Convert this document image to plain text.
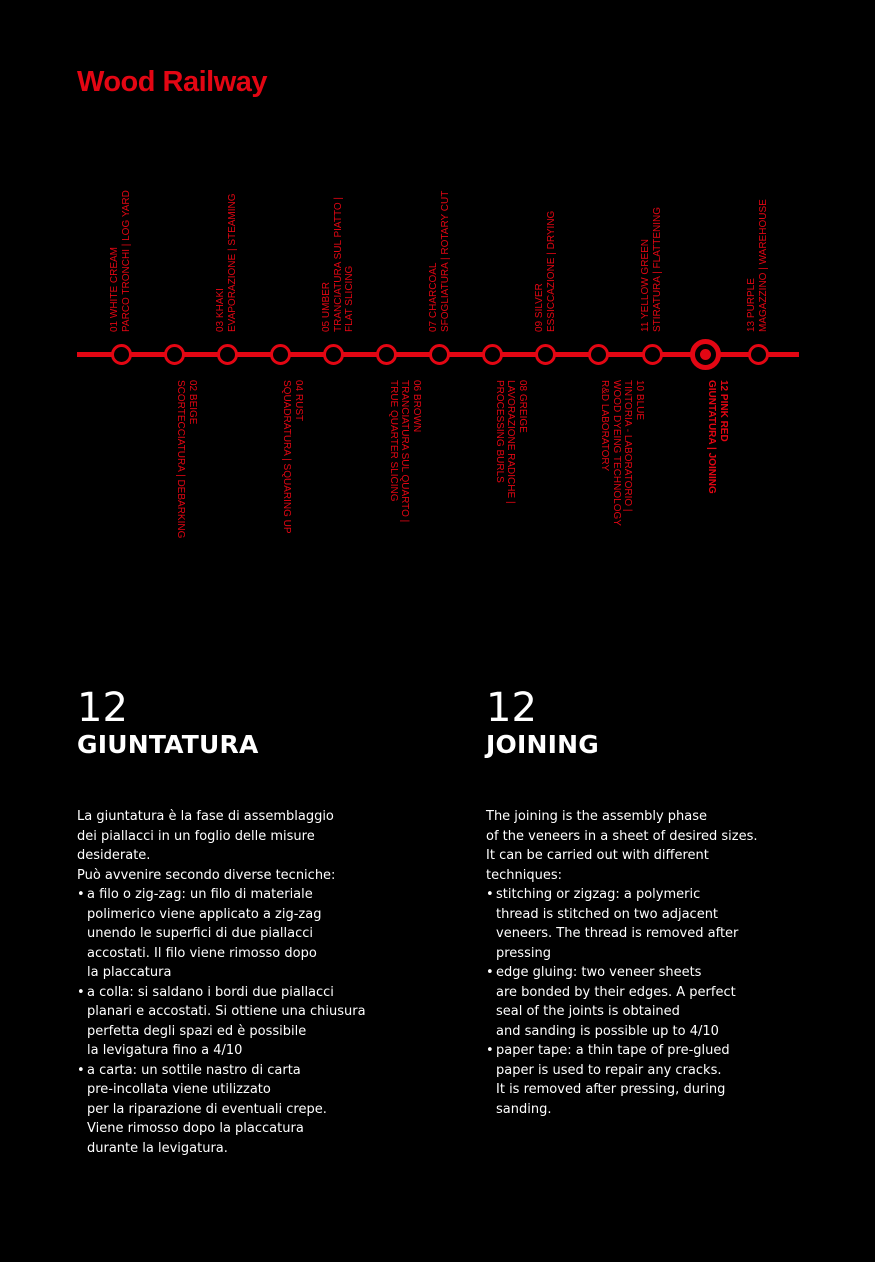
Wood Railway
01 WHITE CREAM PARCO TRONCHI | LOG YARD
02 BEIGE
SCORTECCIATURA | DEBARKING
03 KHAKI EVAPORAZIONE | STEAMING
04 RUST
SQUADRATURA | SQUARING UP
05 UMBER TRANCIATURA SUL PIATTO | FLAT SLICING
06 BROWN
TRANCIATURA SUL QUARTO |
TRUE QUARTER SLICING
07 CHARCOAL SFOGLIATURA | ROTARY CUT
08 GREIGE
LAVORAZIONE RADICHE |
PROCESSING BURLS
09 SILVER ESSICCAZIONE | DRYING
10 BLUE
TINTORIA - LABORATORIO |
WOOD DYEING TECHNOLOGY
R&D LABORATORY
11 YELLOW GREEN STIRATURA | FLATTENING
12 PINK RED
GIUNTATURA | JOINING
13 PURPLE MAGAZZINO | WAREHOUSE
12
GIUNTATURA

La giuntatura è la fase di assemblaggio

dei piallacci in un foglio delle misure

desiderate.

Può avvenire secondo diverse tecniche:

• a filo o zig-zag: un filo di materiale
polimerico viene applicato a zig-zag
unendo le superfici di due piallacci
accostati. Il filo viene rimosso dopo
la placcatura
• a colla: si saldano i bordi due piallacci
planari e accostati. Si ottiene una chiusura
perfetta degli spazi ed è possibile
la levigatura fino a 4/10
• a carta: un sottile nastro di carta
pre-incollata viene utilizzato
per la riparazione di eventuali crepe.
Viene rimosso dopo la placcatura
durante la levigatura.
12
JOINING

The joining is the assembly phase

of the veneers in a sheet of desired sizes.

It can be carried out with different

techniques:

• stitching or zigzag: a polymeric
thread is stitched on two adjacent
veneers. The thread is removed after
pressing
• edge gluing: two veneer sheets
are bonded by their edges. A perfect
seal of the joints is obtained
and sanding is possible up to 4/10
• paper tape: a thin tape of pre-glued
paper is used to repair any cracks.
It is removed after pressing, during
sanding.
